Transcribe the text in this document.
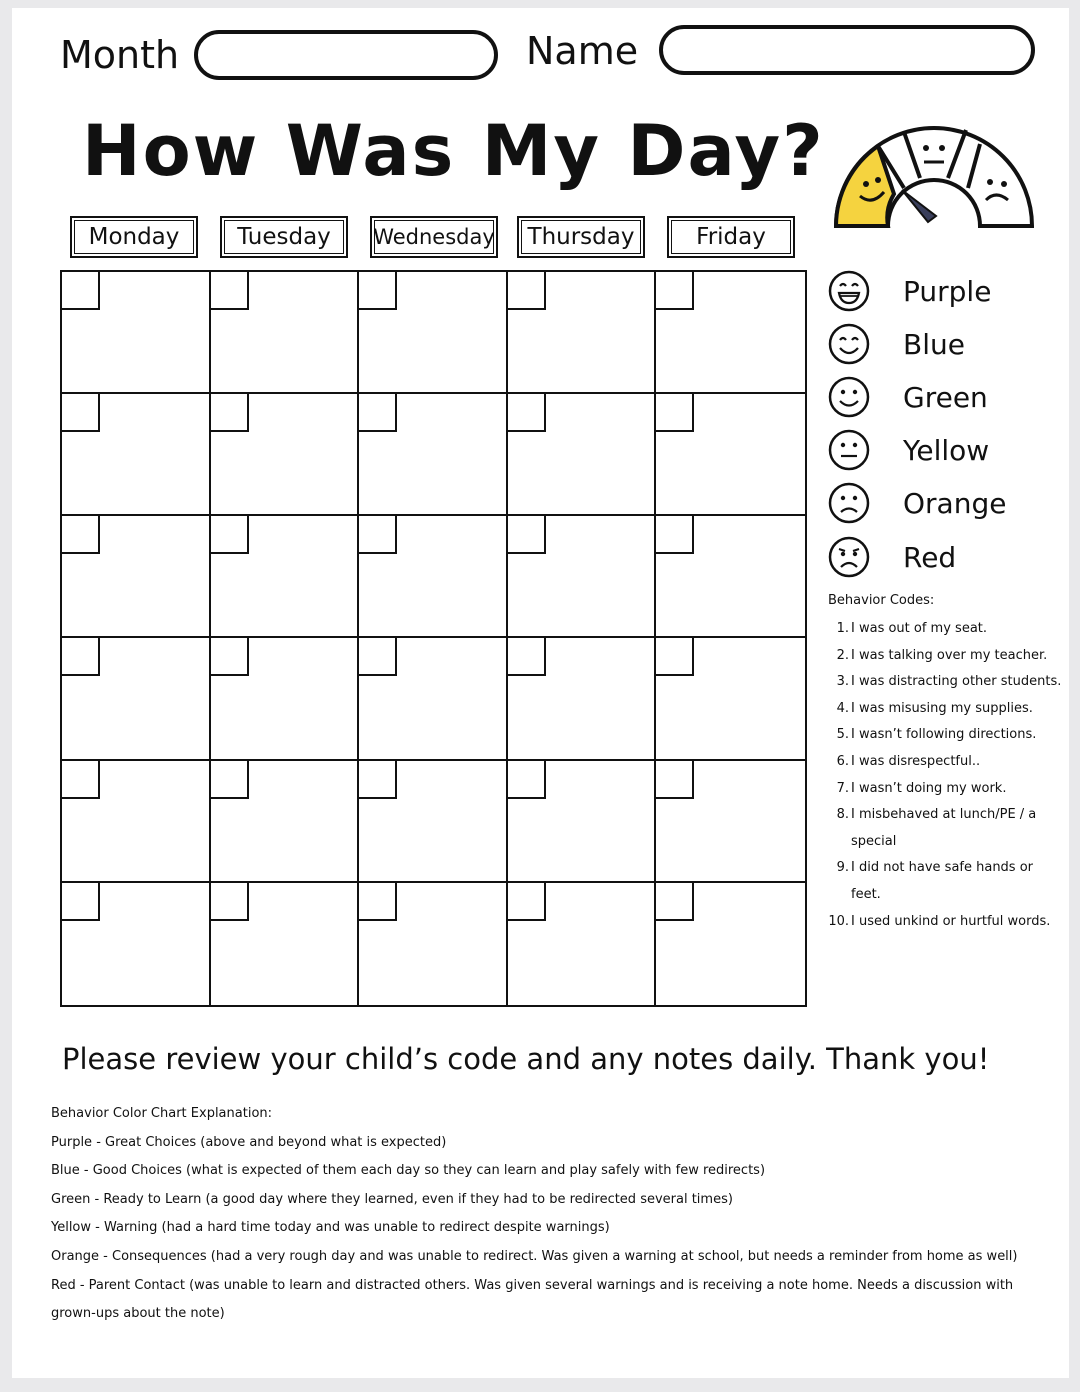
Month	Name
How Was My Day?
Monday	Tuesday	Wednesday	Thursday	Friday
Purple
Blue
Green
Yellow
Orange
Red
Behavior Codes:
1. I was out of my seat.
2. I was talking over my teacher.
3. I was distracting other students.
4. I was misusing my supplies.
5. I wasn’t following directions.
6. I was disrespectful..
7. I wasn’t doing my work.
8. I misbehaved at lunch/PE / a special
9. I did not have safe hands or feet.
10. I used unkind or hurtful words.
Please review your child’s code and any notes daily. Thank you!
Behavior Color Chart Explanation:
Purple - Great Choices (above and beyond what is expected)
Blue - Good Choices (what is expected of them each day so they can learn and play safely with few redirects)
Green - Ready to Learn (a good day where they learned, even if they had to be redirected several times)
Yellow - Warning (had a hard time today and was unable to redirect despite warnings)
Orange - Consequences (had a very rough day and was unable to redirect. Was given a warning at school, but needs a reminder from home as well)
Red - Parent Contact (was unable to learn and distracted others. Was given several warnings and is receiving a note home. Needs a discussion with grown-ups about the note)
